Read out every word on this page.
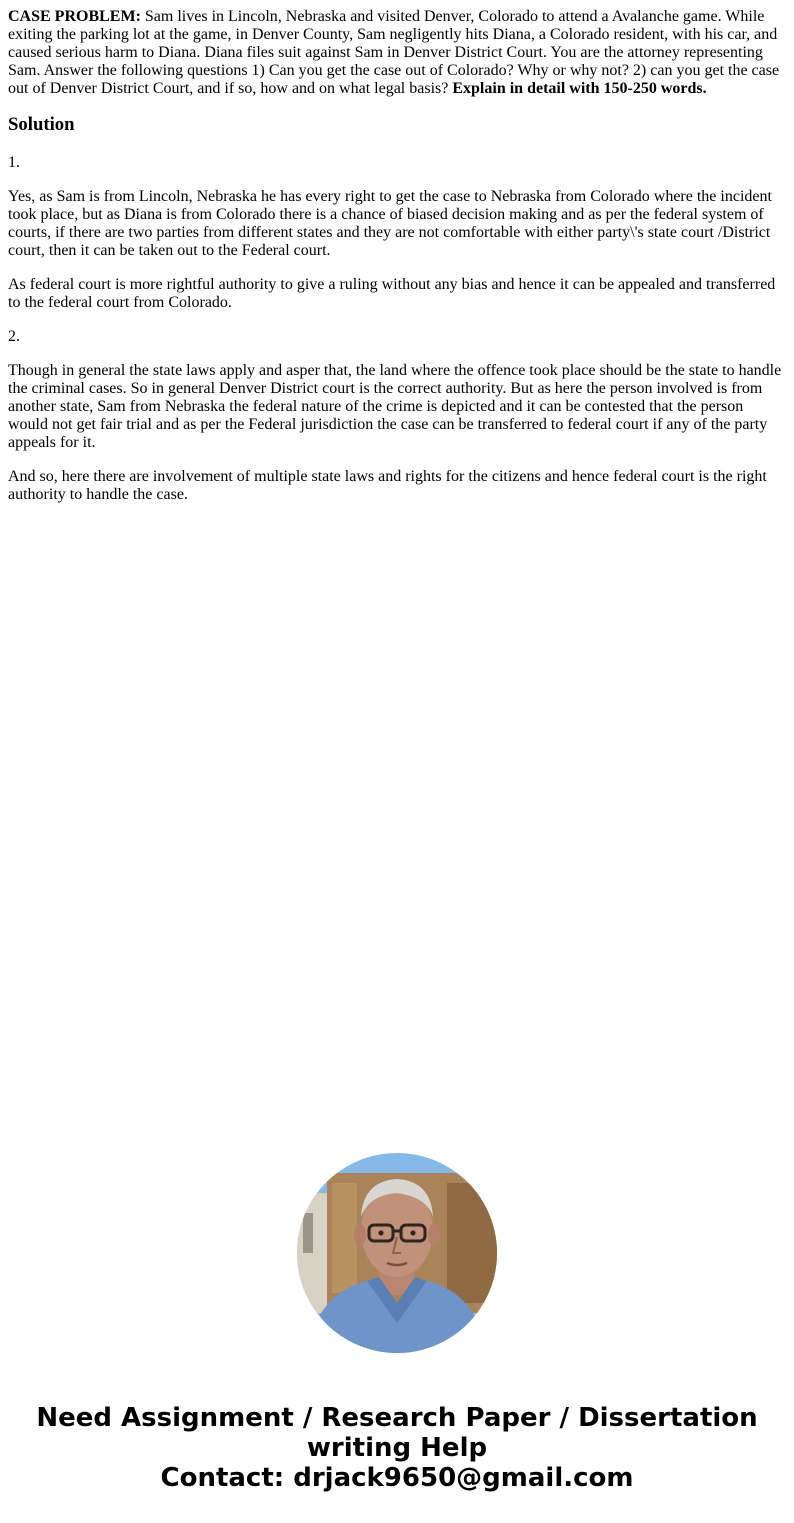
CASE PROBLEM: Sam lives in Lincoln, Nebraska and visited Denver, Colorado to attend a Avalanche game. While exiting the parking lot at the game, in Denver County, Sam negligently hits Diana, a Colorado resident, with his car, and caused serious harm to Diana. Diana files suit against Sam in Denver District Court. You are the attorney representing Sam. Answer the following questions 1) Can you get the case out of Colorado? Why or why not? 2) can you get the case out of Denver District Court, and if so, how and on what legal basis? Explain in detail with 150-250 words.

Solution

1.

Yes, as Sam is from Lincoln, Nebraska he has every right to get the case to Nebraska from Colorado where the incident took place, but as Diana is from Colorado there is a chance of biased decision making and as per the federal system of courts, if there are two parties from different states and they are not comfortable with either party\'s state court /District court, then it can be taken out to the Federal court.

As federal court is more rightful authority to give a ruling without any bias and hence it can be appealed and transferred to the federal court from Colorado.

2.

Though in general the state laws apply and asper that, the land where the offence took place should be the state to handle the criminal cases. So in general Denver District court is the correct authority. But as here the person involved is from another state, Sam from Nebraska the federal nature of the crime is depicted and it can be contested that the person would not get fair trial and as per the Federal jurisdiction the case can be transferred to federal court if any of the party appeals for it.

And so, here there are involvement of multiple state laws and rights for the citizens and hence federal court is the right authority to handle the case.

Need Assignment / Research Paper / Dissertation
writing Help
Contact: drjack9650@gmail.com
